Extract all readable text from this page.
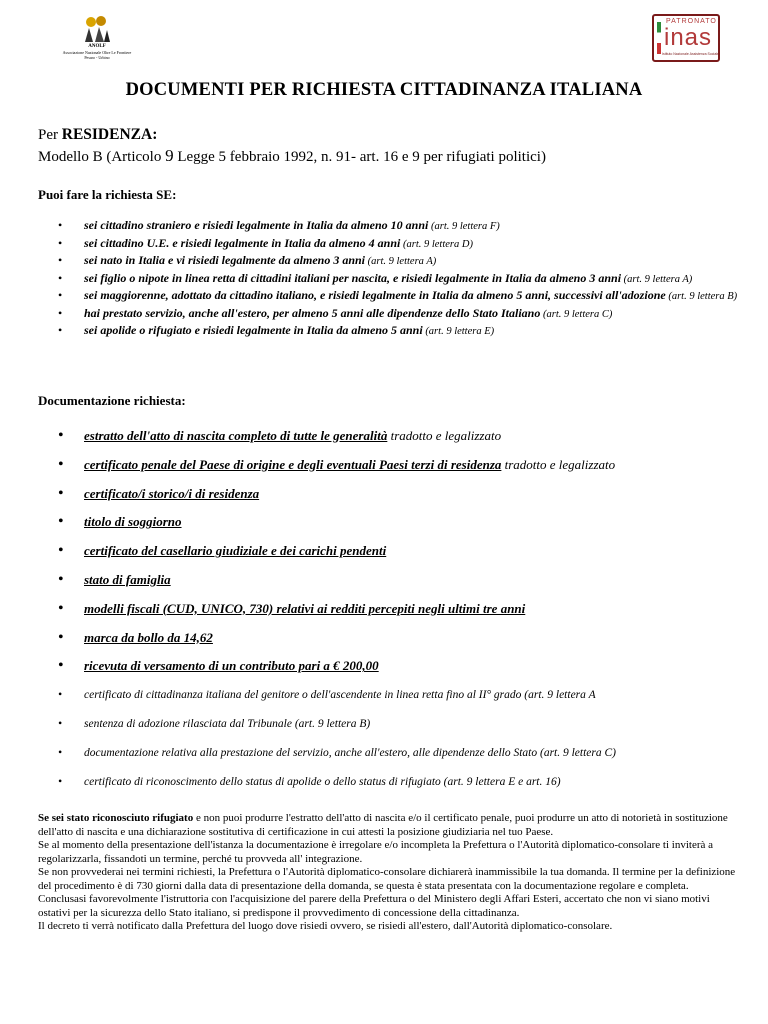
ANOLF
Associazione Nazionale Oltre Le Frontiere
Pesaro - Urbino
PATRONATO
inas
Istituto Nazionale Assistenza Sociale
DOCUMENTI PER RICHIESTA CITTADINANZA ITALIANA
Per RESIDENZA:
Modello B (Articolo 9 Legge 5 febbraio 1992, n. 91- art. 16 e 9 per rifugiati politici)
Puoi fare la richiesta SE:
• sei cittadino straniero e risiedi legalmente in Italia da almeno 10 anni (art. 9 lettera F)
• sei cittadino U.E. e risiedi legalmente in Italia da almeno 4 anni (art. 9 lettera D)
• sei nato in Italia e vi risiedi legalmente da almeno 3 anni (art. 9 lettera A)
• sei figlio o nipote in linea retta di cittadini italiani per nascita, e risiedi legalmente in Italia da almeno 3 anni (art. 9 lettera A)
• sei maggiorenne, adottato da cittadino italiano, e risiedi legalmente in Italia da almeno 5 anni, successivi all'adozione (art. 9 lettera B)
• hai prestato servizio, anche all'estero, per almeno 5 anni alle dipendenze dello Stato Italiano (art. 9 lettera C)
• sei apolide o rifugiato e risiedi legalmente in Italia da almeno 5 anni (art. 9 lettera E)
Documentazione richiesta:
• estratto dell'atto di nascita completo di tutte le generalità tradotto e legalizzato
• certificato penale del Paese di origine e degli eventuali Paesi terzi di residenza tradotto e legalizzato
• certificato/i storico/i di residenza
• titolo di soggiorno
• certificato del casellario giudiziale e dei carichi pendenti
• stato di famiglia
• modelli fiscali (CUD, UNICO, 730) relativi ai redditi percepiti negli ultimi tre anni
• marca da bollo da 14,62
• ricevuta di versamento di un contributo pari a € 200,00
• certificato di cittadinanza italiana del genitore o dell'ascendente in linea retta fino al II° grado (art. 9 lettera A
• sentenza di adozione rilasciata dal Tribunale (art. 9 lettera B)
• documentazione relativa alla prestazione del servizio, anche all'estero, alle dipendenze dello Stato (art. 9 lettera C)
• certificato di riconoscimento dello status di apolide o dello status di rifugiato (art. 9 lettera E e art. 16)

Se sei stato riconosciuto rifugiato e non puoi produrre l'estratto dell'atto di nascita e/o il certificato penale, puoi produrre un atto di notorietà in sostituzione dell'atto di nascita e una dichiarazione sostitutiva di certificazione in cui attesti la posizione giudiziaria nel tuo Paese.

Se al momento della presentazione dell'istanza la documentazione è irregolare e/o incompleta la Prefettura o l'Autorità diplomatico-consolare ti inviterà a regolarizzarla, fissandoti un termine, perché tu provveda all' integrazione.

Se non provvederai nei termini richiesti, la Prefettura o l'Autorità diplomatico-consolare dichiarerà inammissibile la tua domanda. Il termine per la definizione del procedimento è di 730 giorni dalla data di presentazione della domanda, se questa è stata presentata con la documentazione regolare e completa.

Conclusasi favorevolmente l'istruttoria con l'acquisizione del parere della Prefettura o del Ministero degli Affari Esteri, accertato che non vi siano motivi ostativi per la sicurezza dello Stato italiano, si predispone il provvedimento di concessione della cittadinanza.

Il decreto ti verrà notificato dalla Prefettura del luogo dove risiedi ovvero, se risiedi all'estero, dall'Autorità diplomatico-consolare.
